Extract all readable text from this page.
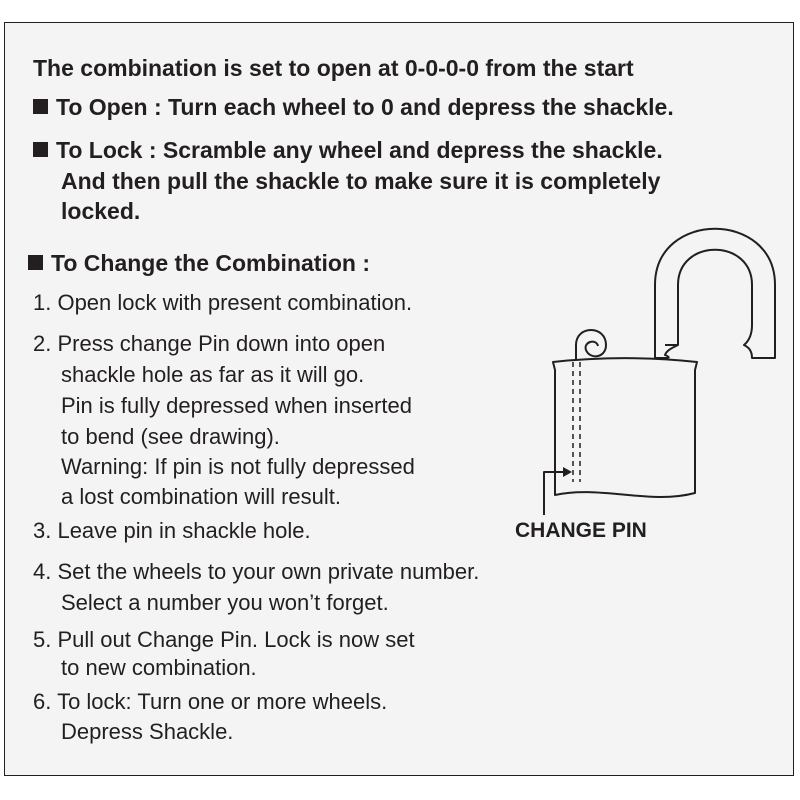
The combination is set to open at 0-0-0-0 from the start
To Open : Turn each wheel to 0 and depress the shackle.
To Lock : Scramble any wheel and depress the shackle.
And then pull the shackle to make sure it is completely
locked.
To Change the Combination :
1. Open lock with present combination.
2. Press change Pin down into open
shackle hole as far as it will go.
Pin is fully depressed when inserted
to bend (see drawing).
Warning: If pin is not fully depressed
a lost combination will result.
3. Leave pin in shackle hole.
4. Set the wheels to your own private number.
Select a number you won’t forget.
5. Pull out Change Pin. Lock is now set
to new combination.
6. To lock: Turn one or more wheels.
Depress Shackle.
CHANGE PIN
